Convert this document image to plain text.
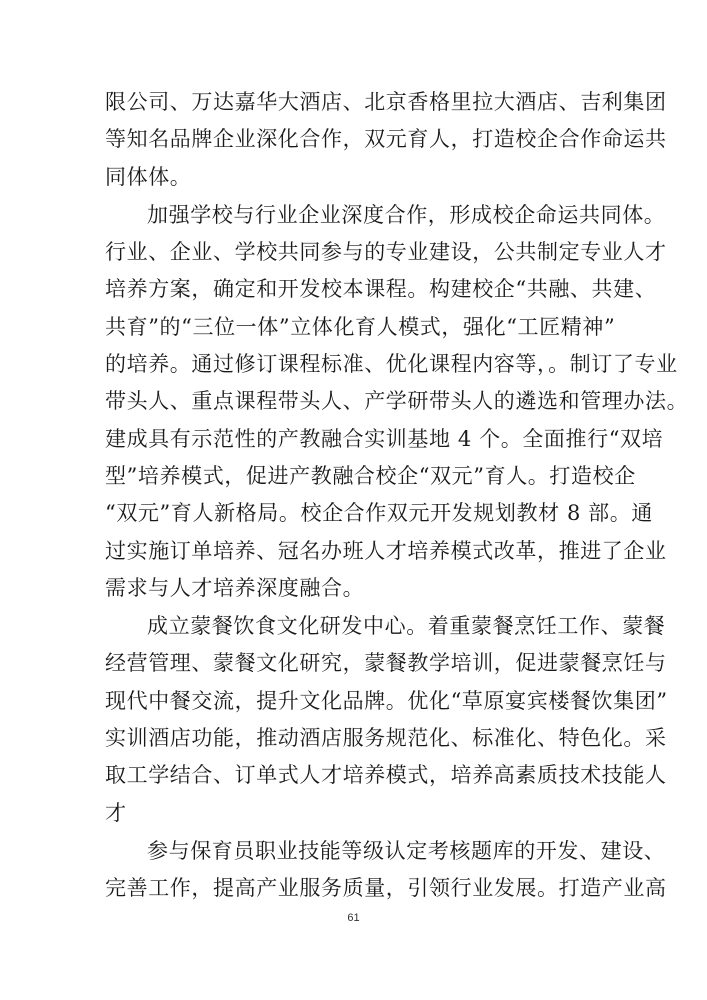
限公司、万达嘉华大酒店、北京香格里拉大酒店、吉利集团
等知名品牌企业深化合作，双元育人，打造校企合作命运共
同体体。
加强学校与行业企业深度合作，形成校企命运共同体。
行业、企业、学校共同参与的专业建设，公共制定专业人才
培养方案，确定和开发校本课程。构建校企“共融、共建、
共育”的“三位一体”立体化育人模式，强化“工匠精神”
的培养。通过修订课程标准、优化课程内容等，。制订了专业
带头人、重点课程带头人、产学研带头人的遴选和管理办法。
建成具有示范性的产教融合实训基地 4 个。全面推行“双培
型”培养模式，促进产教融合校企“双元”育人。打造校企
“双元”育人新格局。校企合作双元开发规划教材 8 部。通
过实施订单培养、冠名办班人才培养模式改革，推进了企业
需求与人才培养深度融合。
成立蒙餐饮食文化研发中心。着重蒙餐烹饪工作、蒙餐
经营管理、蒙餐文化研究，蒙餐教学培训，促进蒙餐烹饪与
现代中餐交流，提升文化品牌。优化“草原宴宾楼餐饮集团”
实训酒店功能，推动酒店服务规范化、标准化、特色化。采
取工学结合、订单式人才培养模式，培养高素质技术技能人
才
参与保育员职业技能等级认定考核题库的开发、建设、
完善工作，提高产业服务质量，引领行业发展。打造产业高
61
